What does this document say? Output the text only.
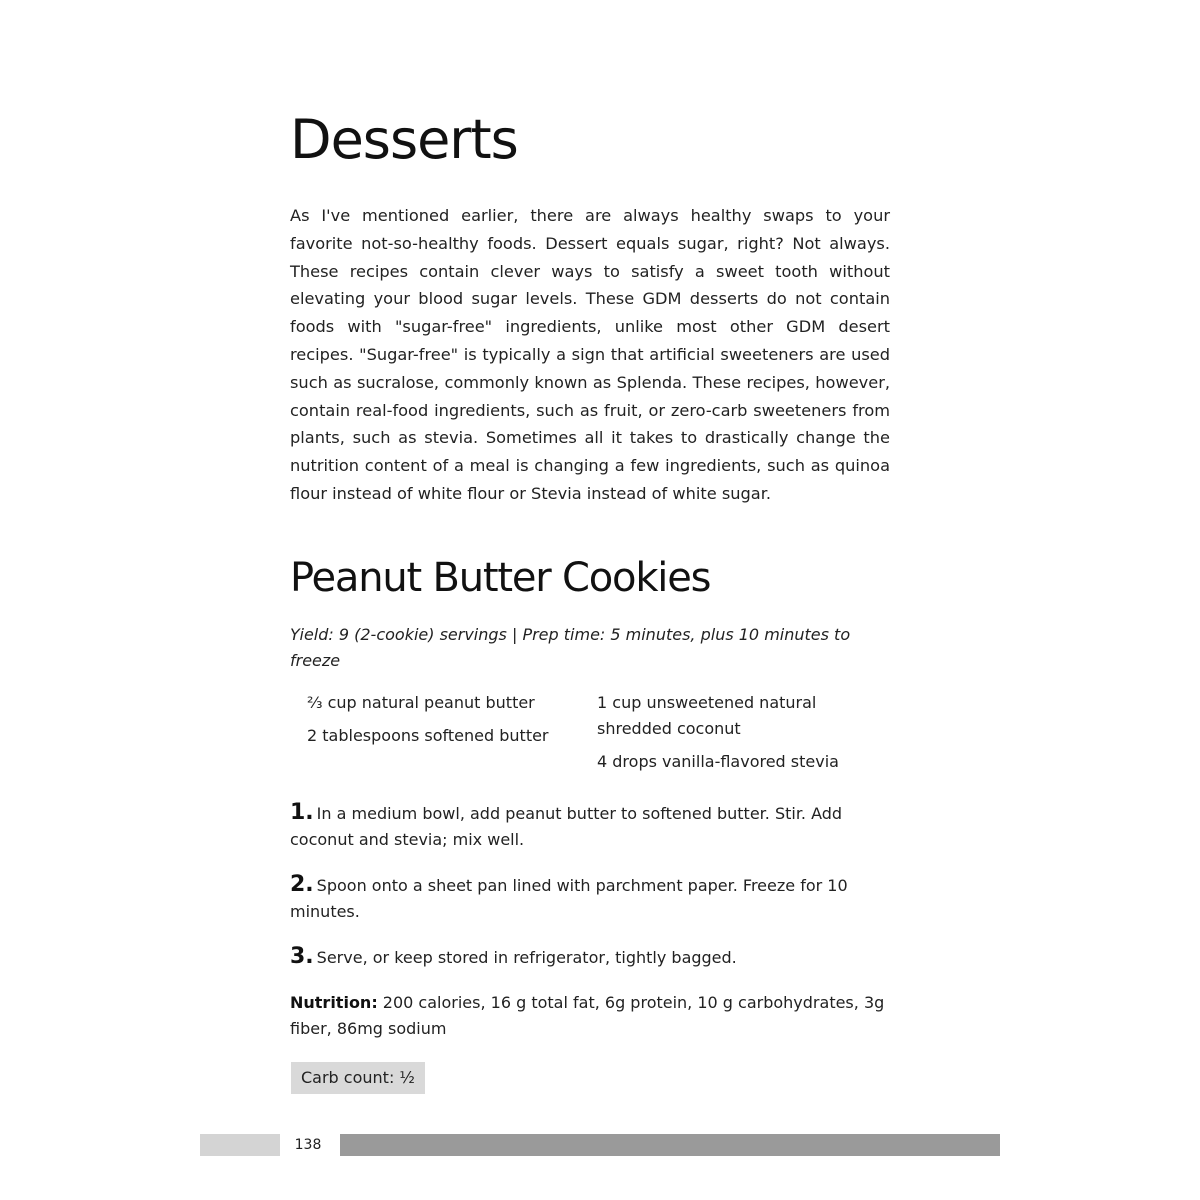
Desserts

As I've mentioned earlier, there are always healthy swaps to your favorite not-so-healthy foods. Dessert equals sugar, right? Not always. These recipes contain clever ways to satisfy a sweet tooth without elevating your blood sugar levels. These GDM desserts do not contain foods with "sugar-free" ingredients, unlike most other GDM desert recipes. "Sugar-free" is typically a sign that artificial sweeteners are used such as sucralose, commonly known as Splenda. These recipes, however, contain real-food ingredients, such as fruit, or zero-carb sweeteners from plants, such as stevia. Sometimes all it takes to drastically change the nutrition content of a meal is changing a few ingredients, such as quinoa flour instead of white flour or Stevia instead of white sugar.

Peanut Butter Cookies

Yield: 9 (2-cookie) servings | Prep time: 5 minutes, plus 10 minutes to freeze

⅔ cup natural peanut butter

2 tablespoons softened butter

1 cup unsweetened natural shredded coconut

4 drops vanilla-flavored stevia

1. In a medium bowl, add peanut butter to softened butter. Stir. Add coconut and stevia; mix well.

2. Spoon onto a sheet pan lined with parchment paper. Freeze for 10 minutes.

3. Serve, or keep stored in refrigerator, tightly bagged.

Nutrition: 200 calories, 16 g total fat, 6g protein, 10 g carbohydrates, 3g fiber, 86mg sodium

Carb count: ½
138
